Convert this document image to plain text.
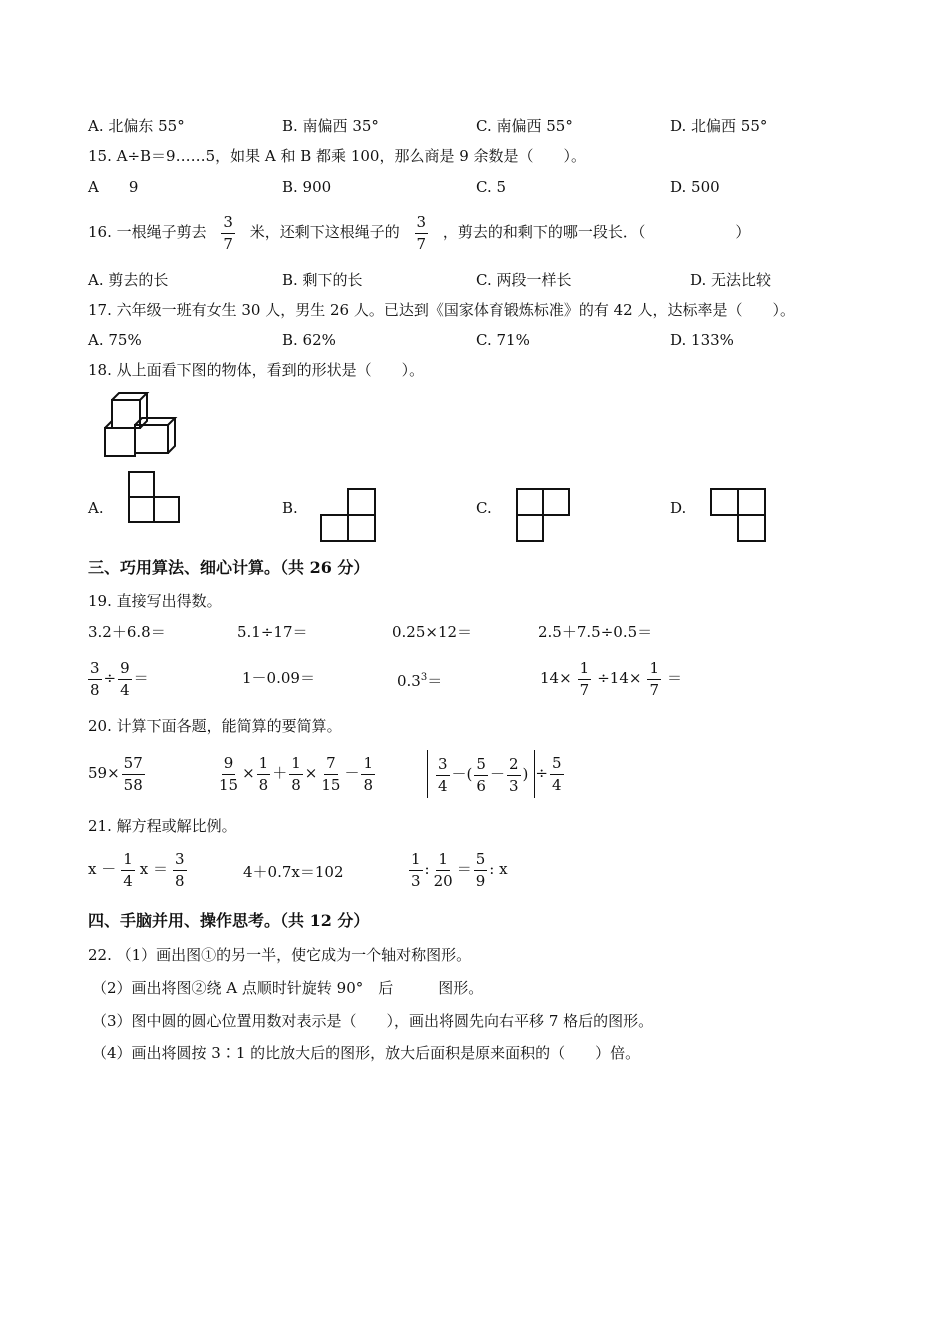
A. 北偏东 55°	B. 南偏西 35°	C. 南偏西 55°	D. 北偏西 55°
15. A÷B＝9……5，如果 A 和 B 都乘 100，那么商是 9 余数是（　　）。
A　　9	B. 900	C. 5	D. 500
16. 一根绳子剪去 $\frac{3}{7}$ 米，还剩下这根绳子的 $\frac{3}{7}$ ，剪去的和剩下的哪一段长．（　　　　　　）
A. 剪去的长	B. 剩下的长	C. 两段一样长	D. 无法比较
17. 六年级一班有女生 30 人，男生 26 人。已达到《国家体育锻炼标准》的有 42 人，达标率是（　　）。
A. 75%	B. 62%	C. 71%	D. 133%
18. 从上面看下图的物体，看到的形状是（　　）。
A.	B.	C.	D.
三、巧用算法、细心计算。（共 26 分）
19. 直接写出得数。
3.2＋6.8＝	5.1÷17＝	0.25×12＝	2.5＋7.5÷0.5＝
$\frac{3}{8} \div \frac{9}{4}$ ＝	1－0.09＝	$0.3^3=$	$14\times \frac{1}{7} \div 14\times \frac{1}{7}$ ＝
20. 计算下面各题，能简算的要简算。
$59\times \frac{57}{58}$	$\frac{9}{15} \times \frac{1}{8} + \frac{1}{8} \times \frac{7}{15} - \frac{1}{8}$	$\frac{3}{4}$ －( $\frac{5}{6} - \frac{2}{3}$ ) ÷ $\frac{5}{4}$
21. 解方程或解比例。
$x - \frac{1}{4}$ $x = \frac{3}{8}$	4＋0.7x＝102	$\frac{1}{3}$ : $\frac{1}{20} = \frac{5}{9}$ : x
四、手脑并用、操作思考。（共 12 分）
22. （1）画出图①的另一半，使它成为一个轴对称图形。
（2）画出将图②绕 A 点顺时针旋转 90°　后　　　图形。
（3）图中圆的圆心位置用数对表示是（　　），画出将圆先向右平移 7 格后的图形。
（4）画出将圆按 3∶1 的比放大后的图形，放大后面积是原来面积的（　　）倍。
